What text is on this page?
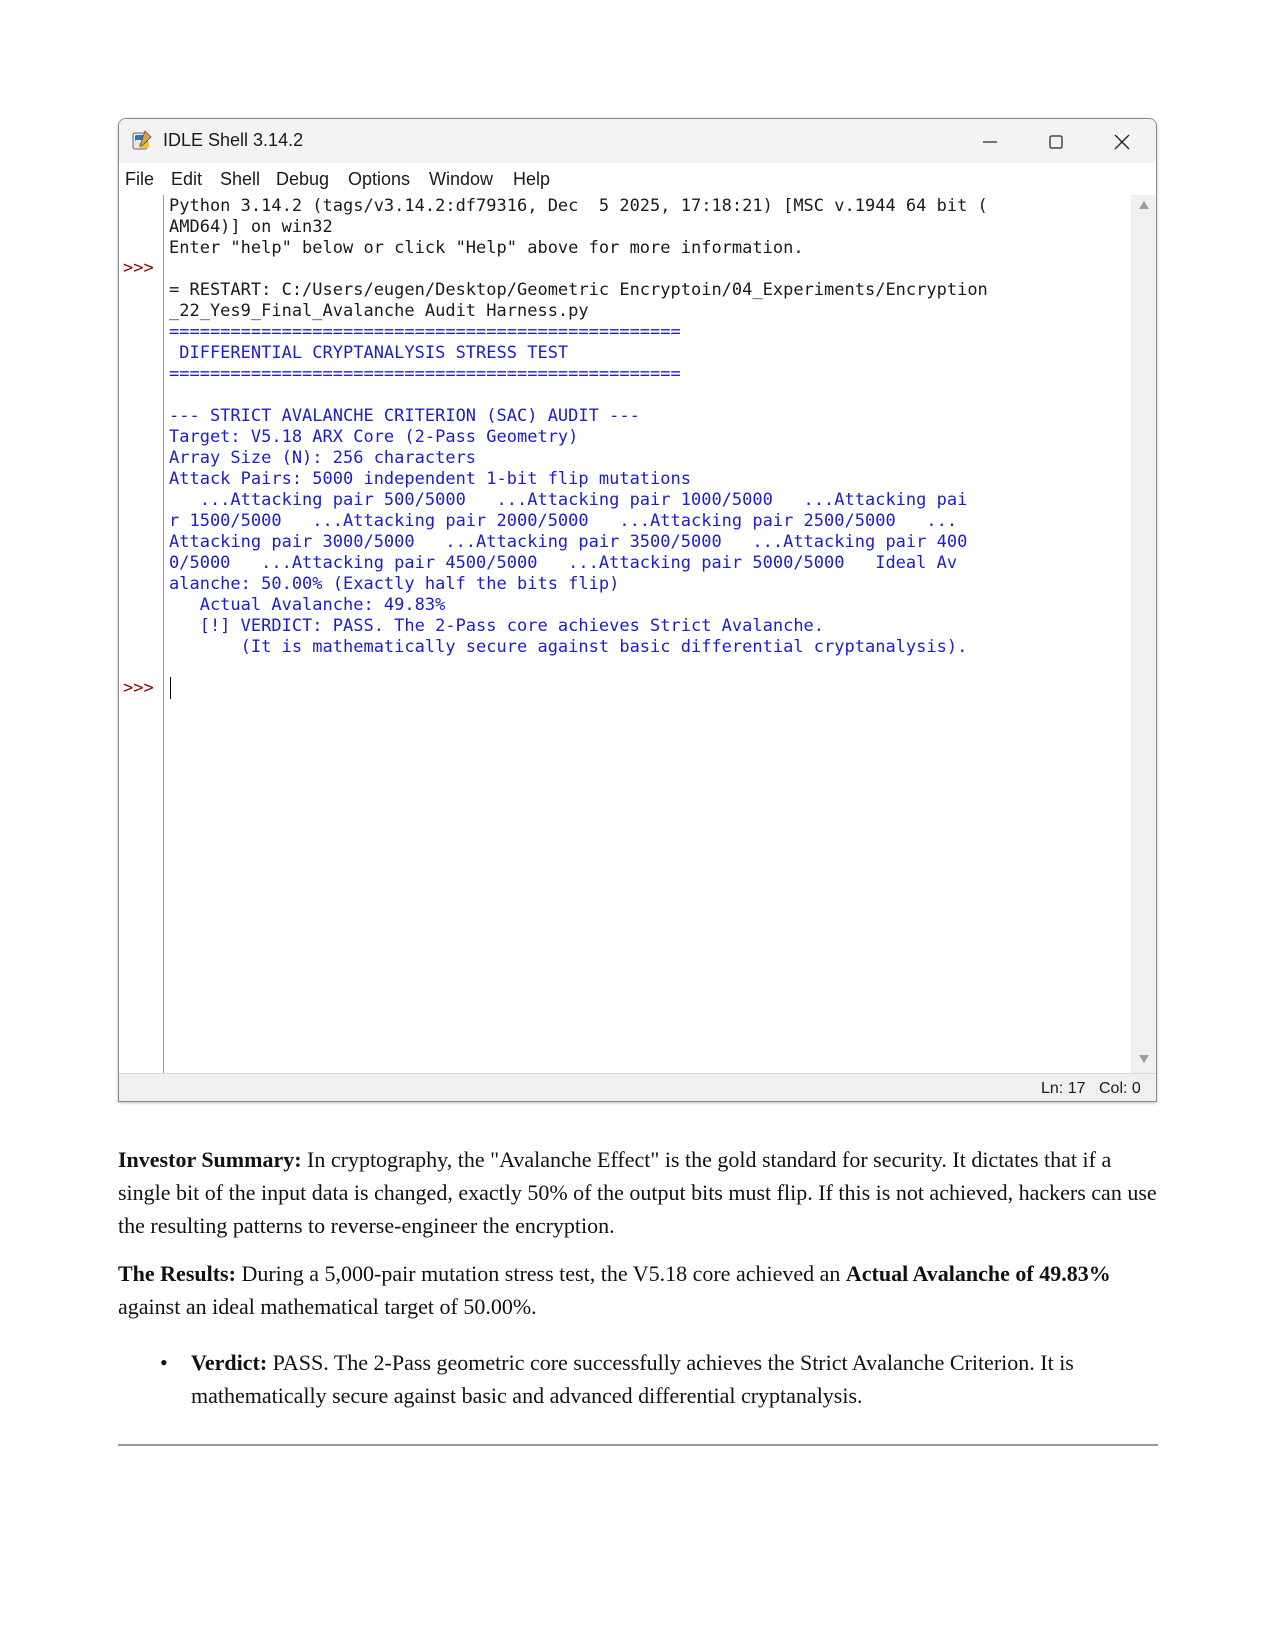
IDLE Shell 3.14.2
File Edit Shell Debug Options Window Help
>>>
>>>
Python 3.14.2 (tags/v3.14.2:df79316, Dec  5 2025, 17:18:21) [MSC v.1944 64 bit (
AMD64)] on win32
Enter "help" below or click "Help" above for more information.
= RESTART: C:/Users/eugen/Desktop/Geometric Encryptoin/04_Experiments/Encryption
_22_Yes9_Final_Avalanche Audit Harness.py
==================================================
DIFFERENTIAL CRYPTANALYSIS STRESS TEST
==================================================
--- STRICT AVALANCHE CRITERION (SAC) AUDIT ---
Target: V5.18 ARX Core (2-Pass Geometry)
Array Size (N): 256 characters
Attack Pairs: 5000 independent 1-bit flip mutations
...Attacking pair 500/5000   ...Attacking pair 1000/5000   ...Attacking pai
r 1500/5000   ...Attacking pair 2000/5000   ...Attacking pair 2500/5000   ...
Attacking pair 3000/5000   ...Attacking pair 3500/5000   ...Attacking pair 400
0/5000   ...Attacking pair 4500/5000   ...Attacking pair 5000/5000   Ideal Av
alanche: 50.00% (Exactly half the bits flip)
Actual Avalanche: 49.83%
[!] VERDICT: PASS. The 2-Pass core achieves Strict Avalanche.
(It is mathematically secure against basic differential cryptanalysis).
Ln: 17 Col: 0
Investor Summary: In cryptography, the "Avalanche Effect" is the gold standard for security. It dictates that if a single bit of the input data is changed, exactly 50% of the output bits must flip. If this is not achieved, hackers can use the resulting patterns to reverse-engineer the encryption.
The Results: During a 5,000-pair mutation stress test, the V5.18 core achieved an Actual Avalanche of 49.83% against an ideal mathematical target of 50.00%.
• Verdict: PASS. The 2-Pass geometric core successfully achieves the Strict Avalanche Criterion. It is mathematically secure against basic and advanced differential cryptanalysis.
